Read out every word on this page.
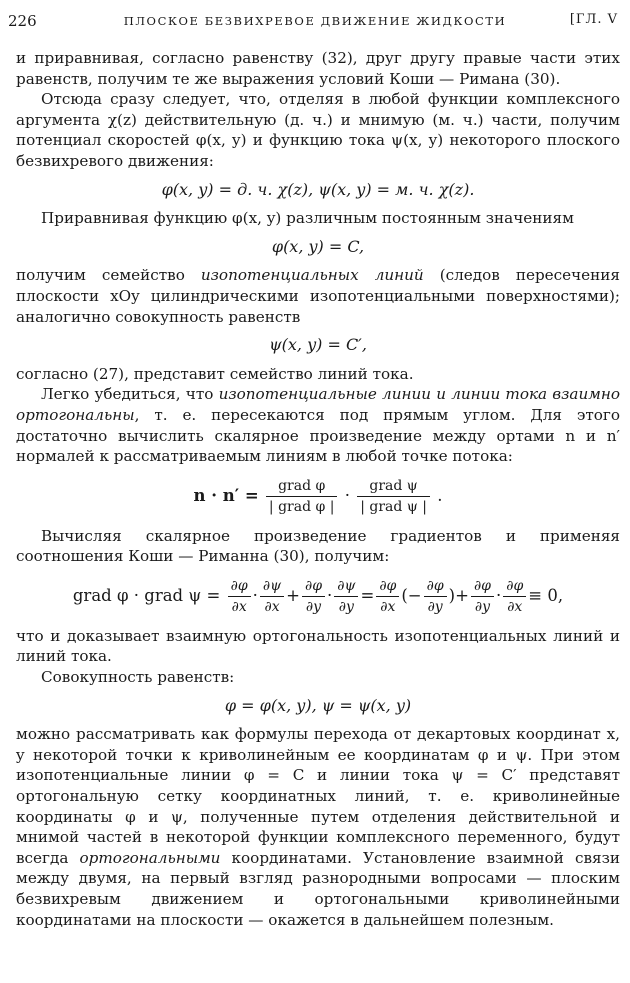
226	ПЛОСКОЕ БЕЗВИХРЕВОЕ ДВИЖЕНИЕ ЖИДКОСТИ	[ГЛ. V

и приравнивая, согласно равенству (32), друг другу правые части этих равенств, получим те же выражения условий Коши — Римана (30).

Отсюда сразу следует, что, отделяя в любой функции комплексного аргумента χ(z) действительную (д. ч.) и мнимую (м. ч.) части, получим потенциал скоростей φ(x, y) и функцию тока ψ(x, y) некоторого плоского безвихревого движения:

φ(x, y) = д. ч. χ(z), ψ(x, y) = м. ч. χ(z).

Приравнивая функцию φ(x, y) различным постоянным значениям

φ(x, y) = C,

получим семейство изопотенциальных линий (следов пересечения плоскости xOy цилиндрическими изопотенциальными поверхностями); аналогично совокупность равенств

ψ(x, y) = C′,

согласно (27), представит семейство линий тока.

Легко убедиться, что изопотенциальные линии и линии тока взаимно ортогональны, т. е. пересекаются под прямым углом. Для этого достаточно вычислить скалярное произведение между ортами n и n′ нормалей к рассматриваемым линиям в любой точке потока:

$n \cdot n' = \frac{\text{grad φ}}{\text{| grad φ |}} \cdot \frac{\text{grad ψ}}{\text{| grad ψ |}}$ .

Вычисляя скалярное произведение градиентов и применяя соотношения Коши — Риманна (30), получим:

grad φ · grad $\psi = \frac{\partial\varphi}{\partial x} \cdot \frac{\partial\psi}{\partial x} + \frac{\partial\varphi}{\partial y} \cdot \frac{\partial\psi}{\partial y} = \frac{\partial\varphi}{\partial x}$ (− $\frac{\partial\varphi}{\partial y}$ )+ $\frac{\partial\varphi}{\partial y} \cdot \frac{\partial\varphi}{\partial x} \equiv 0$,

что и доказывает взаимную ортогональность изопотенциальных линий и линий тока.

Совокупность равенств:

φ = φ(x, y), ψ = ψ(x, y)

можно рассматривать как формулы перехода от декартовых координат x, y некоторой точки к криволинейным ее координатам φ и ψ. При этом изопотенциальные линии φ = C и линии тока ψ = C′ представят ортогональную сетку координатных линий, т. е. криволинейные координаты φ и ψ, полученные путем отделения действительной и мнимой частей в некоторой функции комплексного переменного, будут всегда ортогональными координатами. Установление взаимной связи между двумя, на первый взгляд разнородными вопросами — плоским безвихревым движением и ортогональными криволинейными координатами на плоскости — окажется в дальнейшем полезным.
